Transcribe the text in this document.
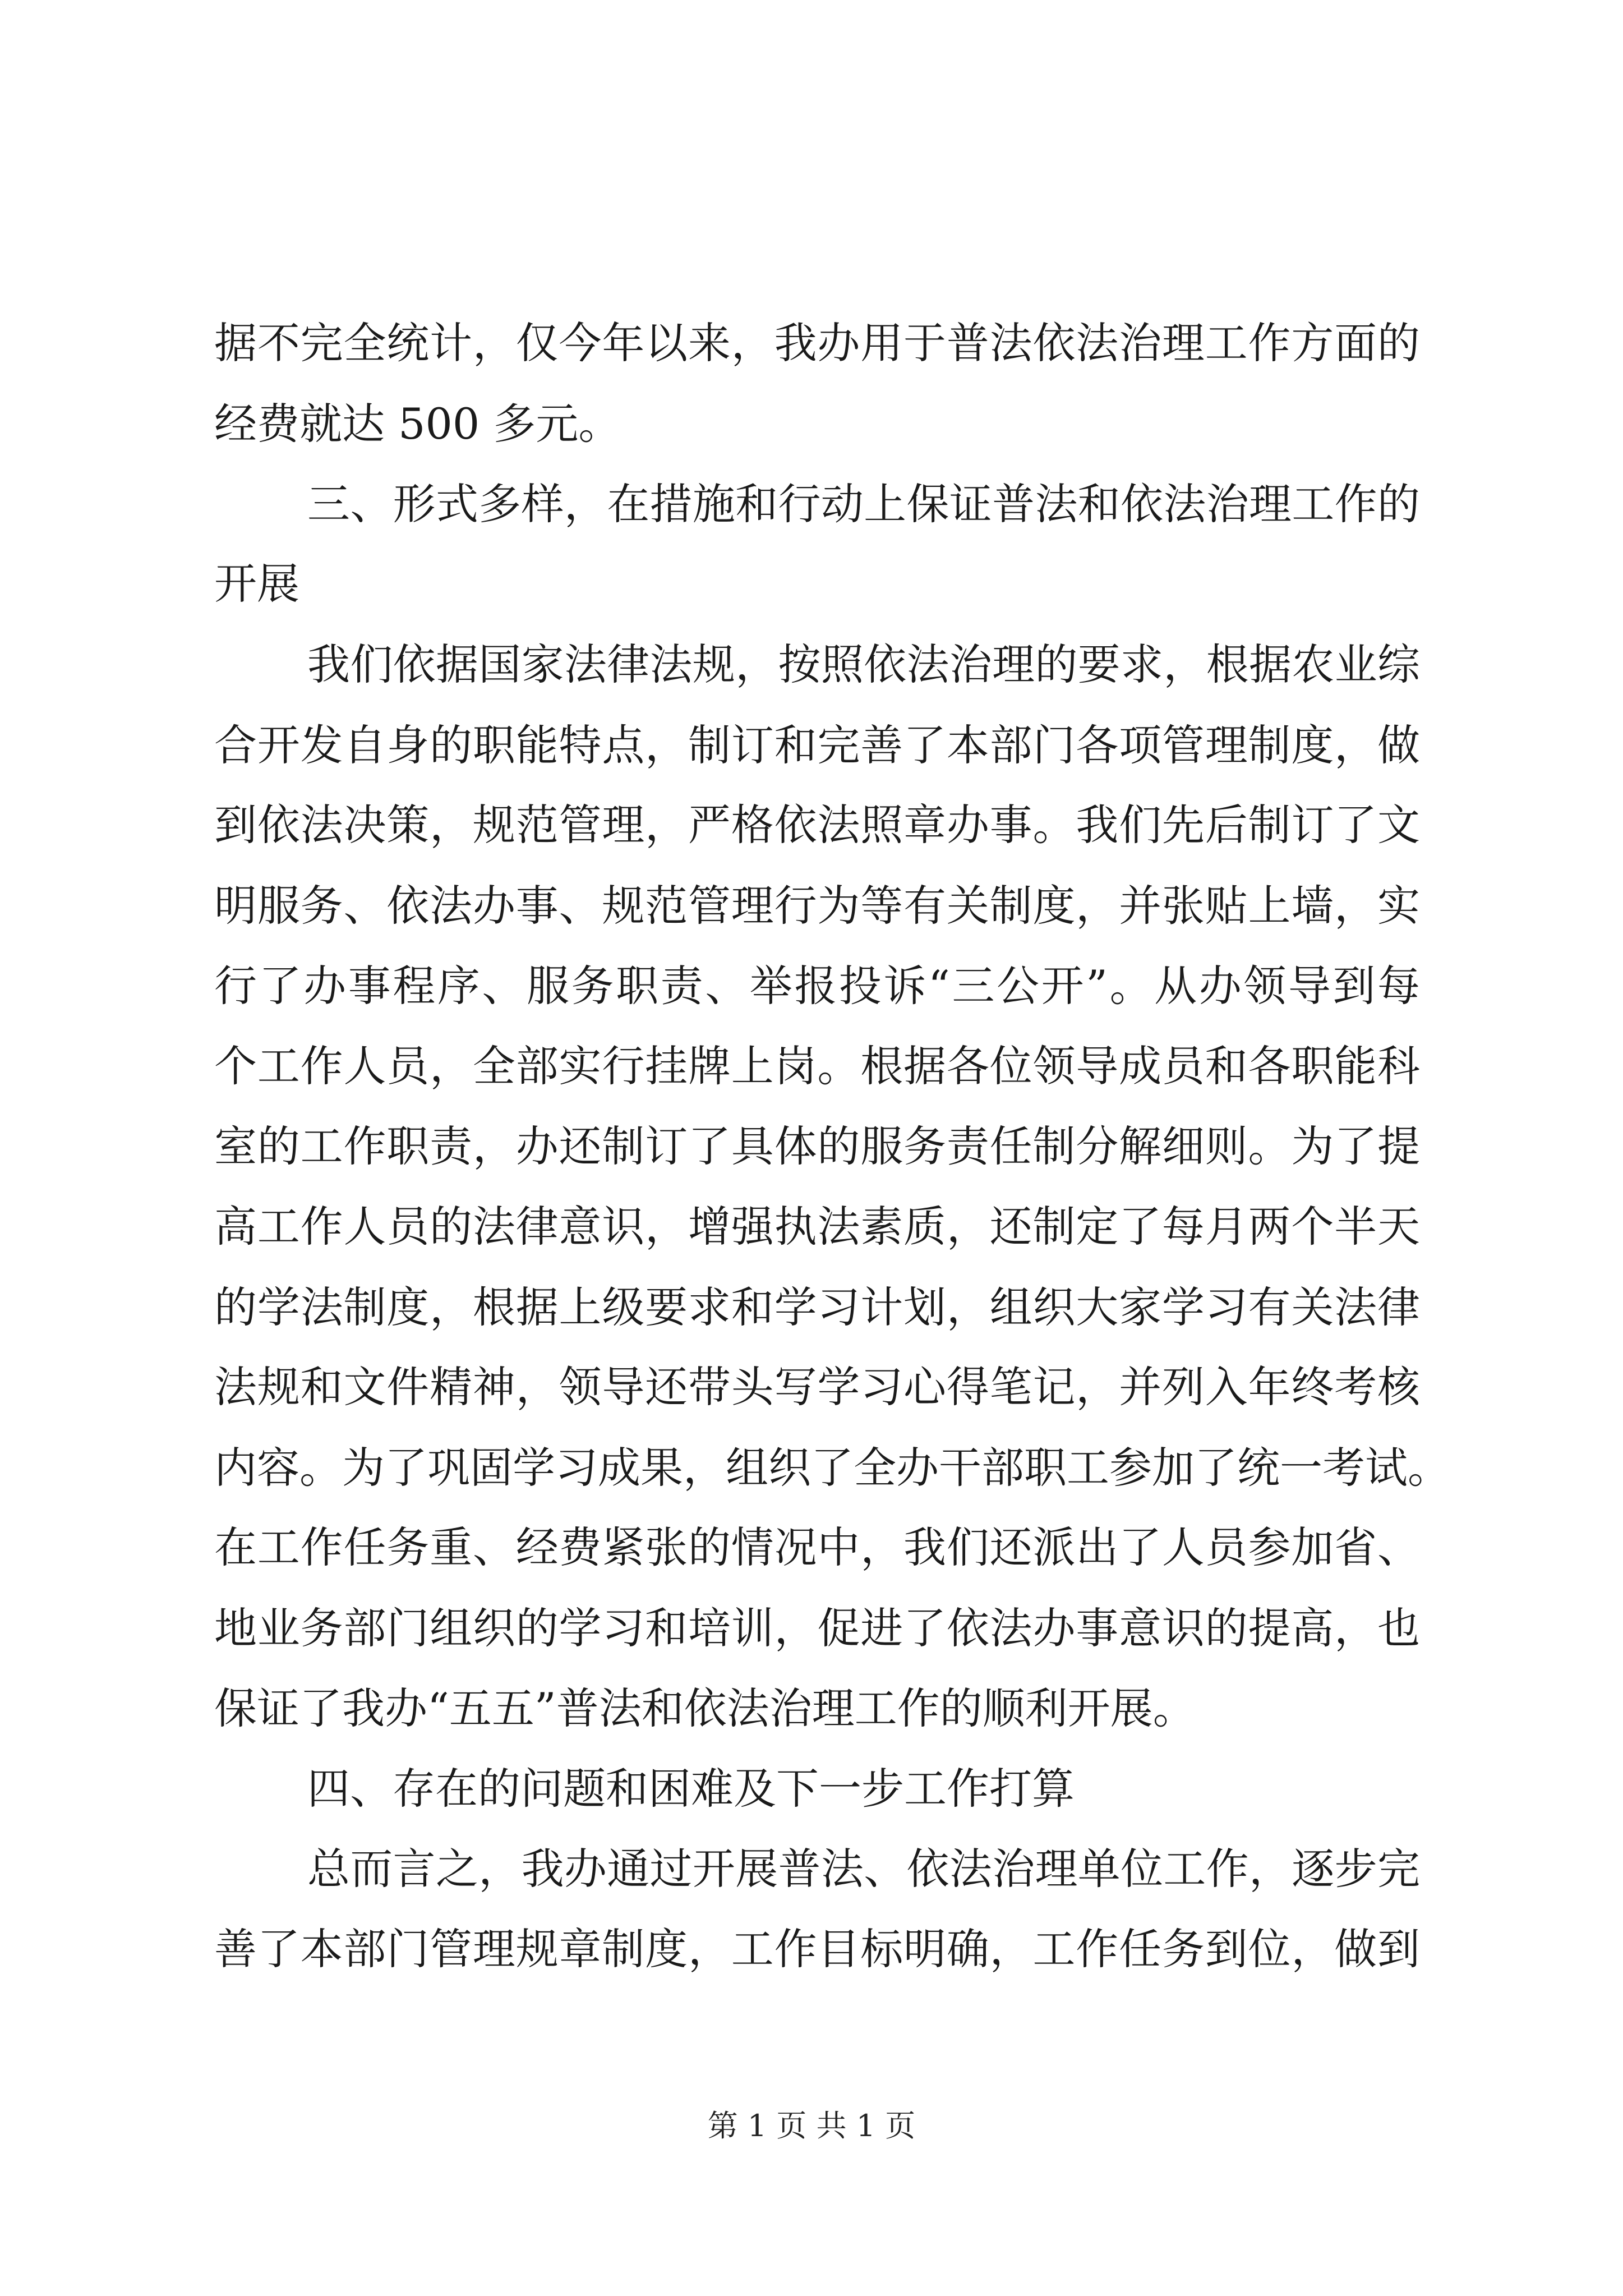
据不完全统计，仅今年以来，我办用于普法依法治理工作方面的
经费就达 500 多元。
三、形式多样，在措施和行动上保证普法和依法治理工作的
开展
我们依据国家法律法规，按照依法治理的要求，根据农业综
合开发自身的职能特点，制订和完善了本部门各项管理制度，做
到依法决策，规范管理，严格依法照章办事。我们先后制订了文
明服务、依法办事、规范管理行为等有关制度，并张贴上墙，实
行了办事程序、服务职责、举报投诉“三公开”。从办领导到每
个工作人员，全部实行挂牌上岗。根据各位领导成员和各职能科
室的工作职责，办还制订了具体的服务责任制分解细则。为了提
高工作人员的法律意识，增强执法素质，还制定了每月两个半天
的学法制度，根据上级要求和学习计划，组织大家学习有关法律
法规和文件精神，领导还带头写学习心得笔记，并列入年终考核
内容。为了巩固学习成果，组织了全办干部职工参加了统一考试。
在工作任务重、经费紧张的情况中，我们还派出了人员参加省、
地业务部门组织的学习和培训，促进了依法办事意识的提高，也
保证了我办“五五”普法和依法治理工作的顺利开展。
四、存在的问题和困难及下一步工作打算
总而言之，我办通过开展普法、依法治理单位工作，逐步完
善了本部门管理规章制度，工作目标明确，工作任务到位，做到
第 1 页 共 1 页
